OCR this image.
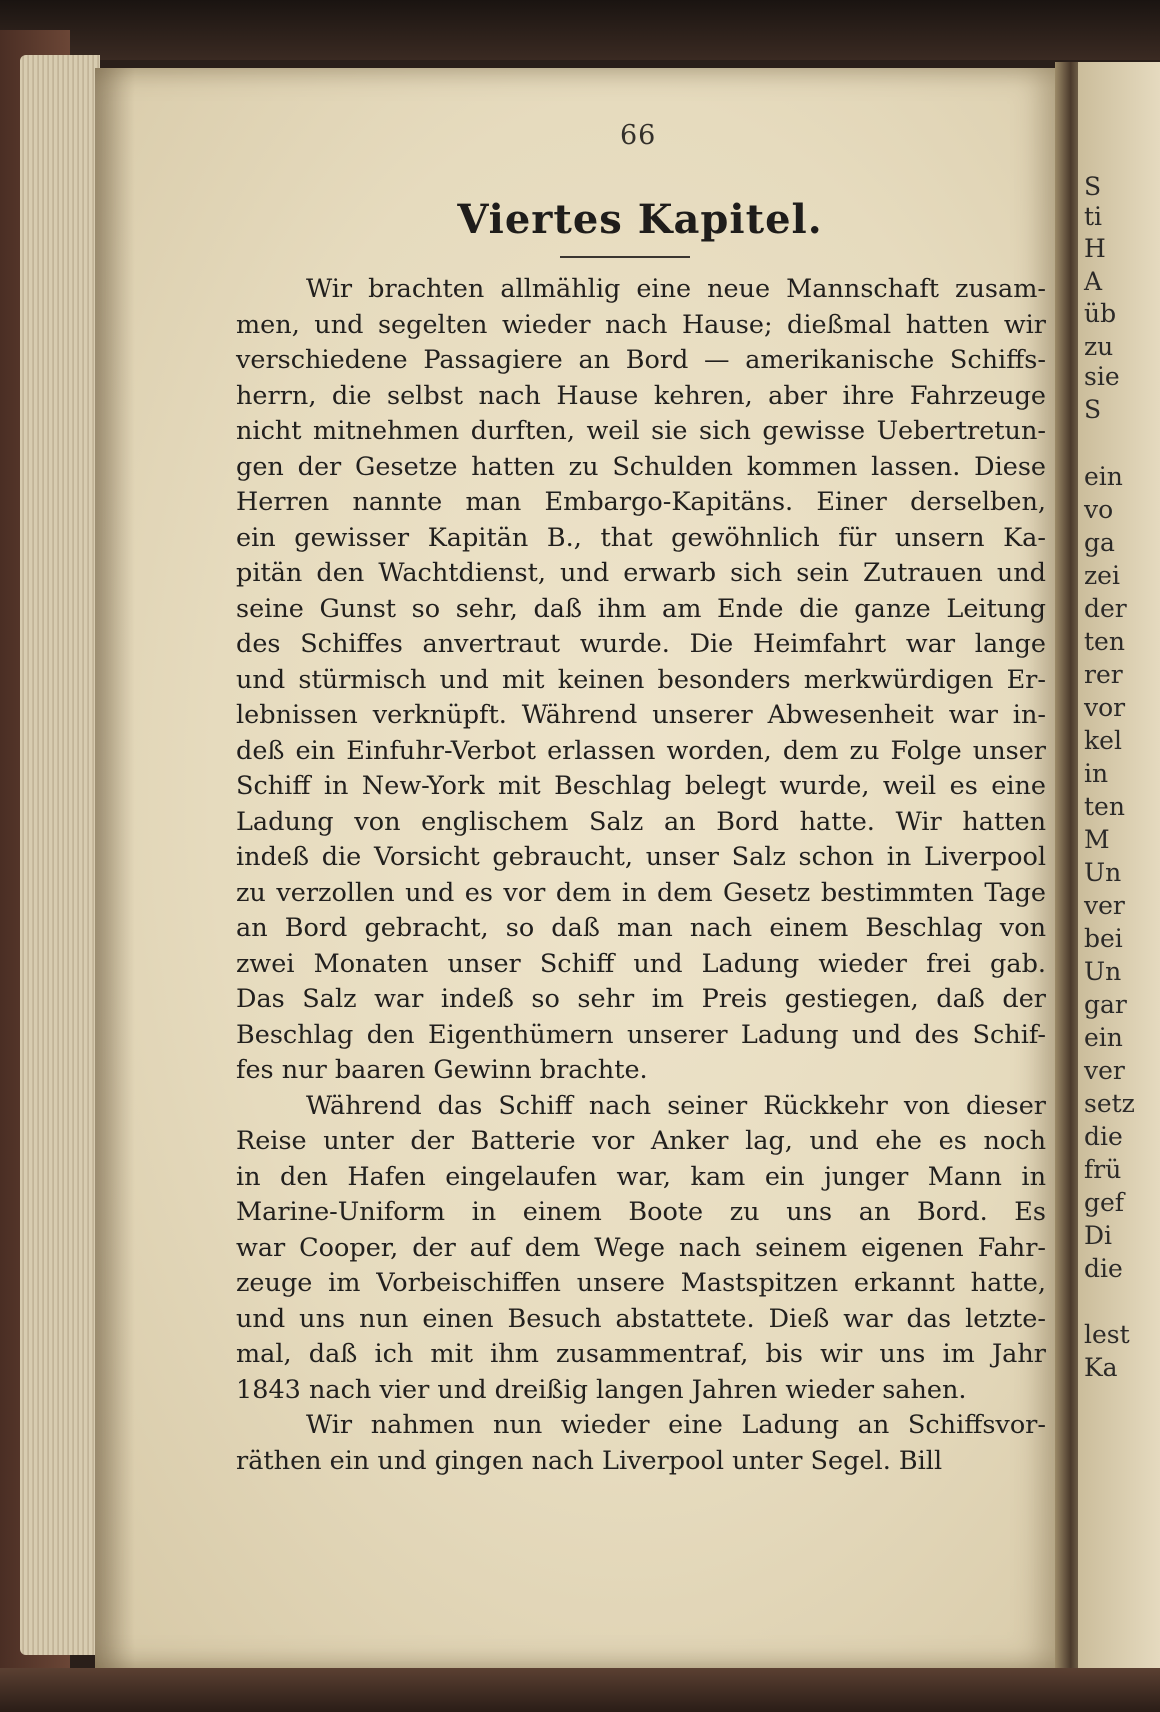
66
Viertes Kapitel.
Wir brachten allmählig eine neue Mannschaft zusam-
men, und segelten wieder nach Hause; dießmal hatten wir
verschiedene Passagiere an Bord — amerikanische Schiffs-
herrn, die selbst nach Hause kehren, aber ihre Fahrzeuge
nicht mitnehmen durften, weil sie sich gewisse Uebertretun-
gen der Gesetze hatten zu Schulden kommen lassen. Diese
Herren nannte man Embargo-Kapitäns. Einer derselben,
ein gewisser Kapitän B., that gewöhnlich für unsern Ka-
pitän den Wachtdienst, und erwarb sich sein Zutrauen und
seine Gunst so sehr, daß ihm am Ende die ganze Leitung
des Schiffes anvertraut wurde. Die Heimfahrt war lange
und stürmisch und mit keinen besonders merkwürdigen Er-
lebnissen verknüpft. Während unserer Abwesenheit war in-
deß ein Einfuhr-Verbot erlassen worden, dem zu Folge unser
Schiff in New-York mit Beschlag belegt wurde, weil es eine
Ladung von englischem Salz an Bord hatte. Wir hatten
indeß die Vorsicht gebraucht, unser Salz schon in Liverpool
zu verzollen und es vor dem in dem Gesetz bestimmten Tage
an Bord gebracht, so daß man nach einem Beschlag von
zwei Monaten unser Schiff und Ladung wieder frei gab.
Das Salz war indeß so sehr im Preis gestiegen, daß der
Beschlag den Eigenthümern unserer Ladung und des Schif-
fes nur baaren Gewinn brachte.
Während das Schiff nach seiner Rückkehr von dieser
Reise unter der Batterie vor Anker lag, und ehe es noch
in den Hafen eingelaufen war, kam ein junger Mann in
Marine-Uniform in einem Boote zu uns an Bord. Es
war Cooper, der auf dem Wege nach seinem eigenen Fahr-
zeuge im Vorbeischiffen unsere Mastspitzen erkannt hatte,
und uns nun einen Besuch abstattete. Dieß war das letzte-
mal, daß ich mit ihm zusammentraf, bis wir uns im Jahr
1843 nach vier und dreißig langen Jahren wieder sahen.
Wir nahmen nun wieder eine Ladung an Schiffsvor-
räthen ein und gingen nach Liverpool unter Segel. Bill
S
ti
H
A
üb
zu
sie
S
ein
vo
ga
zei
der
ten
rer
vor
kel
in
ten
M
Un
ver
bei
Un
gar
ein
ver
setz
die
frü
gef
Di
die
lest
Ka
